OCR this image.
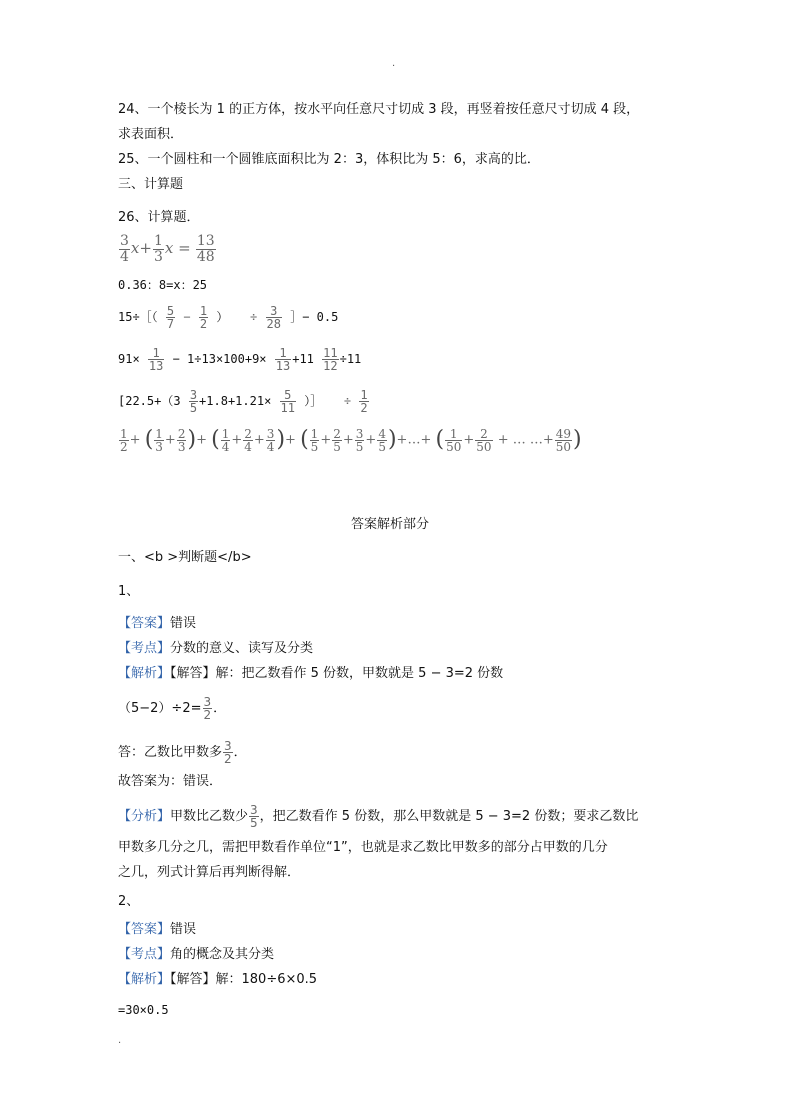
.
24、一个棱长为 1 的正方体，按水平向任意尺寸切成 3 段，再竖着按任意尺寸切成 4 段，
求表面积．
25、一个圆柱和一个圆锥底面积比为 2：3，体积比为 5：6，求高的比．
三、计算题
26、计算题．
$\frac{3}{4} x+ \frac{1}{3}$ $x = \frac{13}{48}$
0.36：8=x：25
15÷［（ $\frac{5}{7} - \frac{1}{2}$ ） ÷ $\frac{3}{28}$ ］− 0.5
$91\times \frac{1}{13} - 1\div 13\times 100+9\times \frac{1}{13} +11 \frac{11}{12} \div 11$
[$22.5+(3 \frac{3}{5} +1.8+1.21\times \frac{5}{11}$ ）］ ÷ $\frac{1}{2}$
$\frac{1}{2}$ + ( $\frac{1}{3} + \frac{2}{3}$ )+ ( $\frac{1}{4} + \frac{2}{4} + \frac{3}{4}$ )+ ( $\frac{1}{5} + \frac{2}{5} + \frac{3}{5} + \frac{4}{5}$ )+…+ ( $\frac{1}{50} + \frac{2}{50}$ + … …+ $\frac{49}{50}$ )
答案解析部分
一、<b >判断题</b>
1、
【答案】错误
【考点】分数的意义、读写及分类
【解析】【解答】解：把乙数看作 5 份数，甲数就是 5 − 3=2 份数
$(5-2)\div 2= \frac{3}{2}$ ．
答：乙数比甲数多 $\frac{3}{2}$ ．
故答案为：错误．
【分析】甲数比乙数少 $\frac{3}{5}$ ，把乙数看作 5 份数，那么甲数就是 5 − 3=2 份数；要求乙数比
甲数多几分之几，需把甲数看作单位“1”，也就是求乙数比甲数多的部分占甲数的几分
之几，列式计算后再判断得解．
2、
【答案】错误
【考点】角的概念及其分类
【解析】【解答】解：180÷6×0.5
=30×0.5
.
